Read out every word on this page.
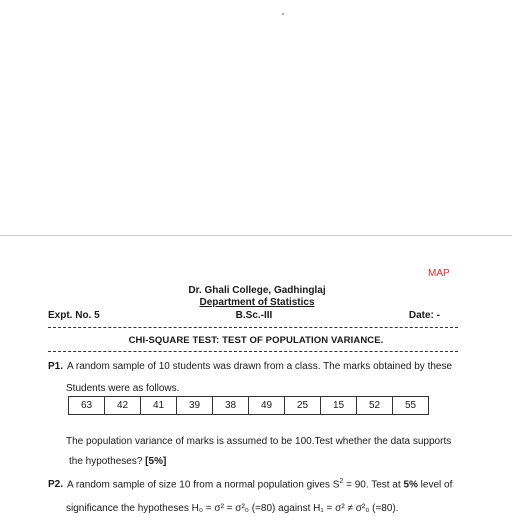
MAP
Dr. Ghali College, Gadhinglaj
Department of Statistics
Expt. No. 5	B.Sc.-III	Date: -
CHI-SQUARE TEST: TEST OF POPULATION VARIANCE.
P1. A random sample of 10 students was drawn from a class. The marks obtained by these
Students were as follows.
63	42	41	39	38	49	25	15	52	55
The population variance of marks is assumed to be 100.Test whether the data supports
the hypotheses? [5%]
P2. A random sample of size 10 from a normal population gives $S^2 = 90$. Test at 5% level of
significance the hypotheses H₀ = σ² = σ²₀ (=80) against H₁ = σ² ≠ σ²₀ (=80).
